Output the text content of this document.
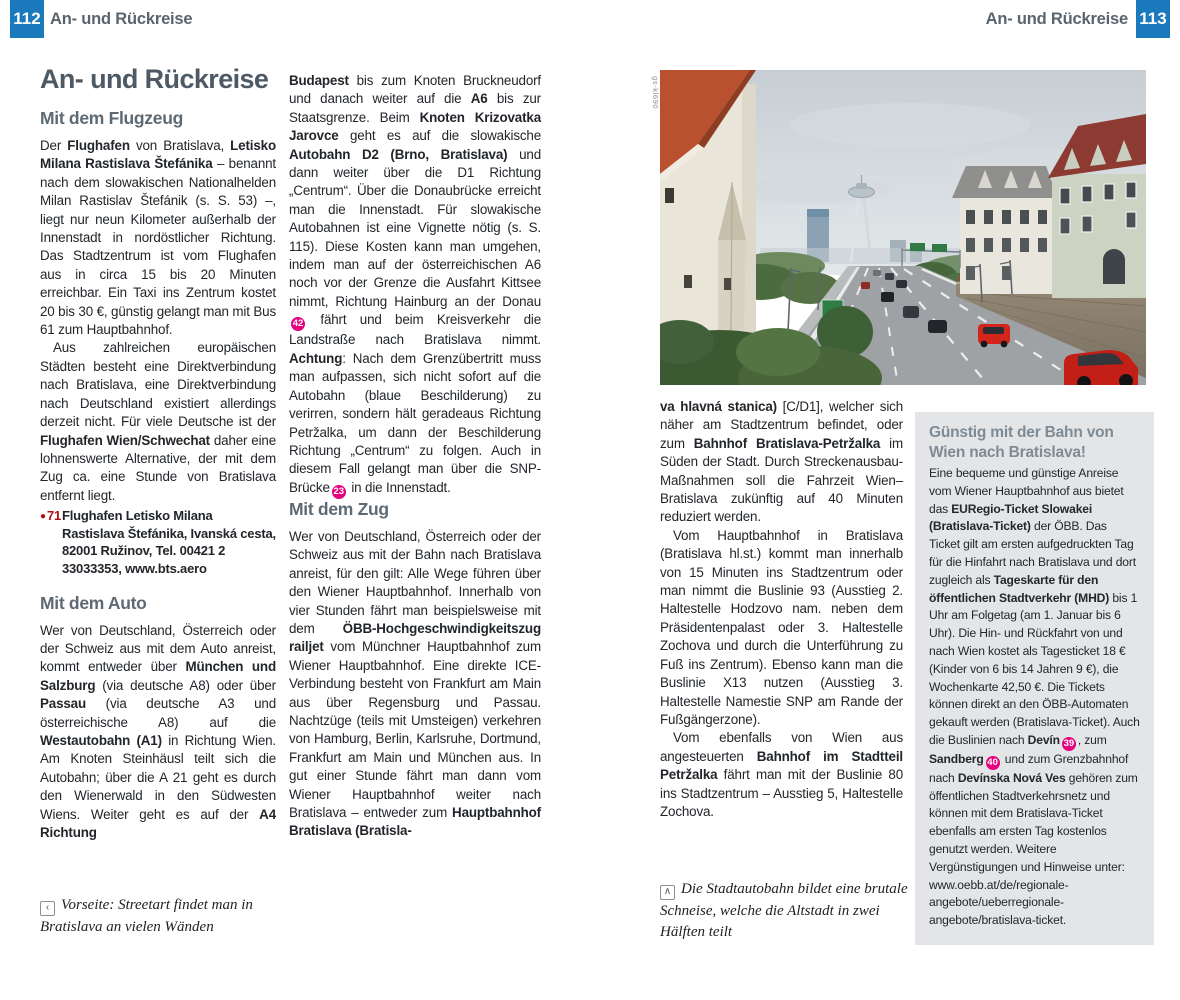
112 An- und Rückreise	An- und Rückreise 113
An- und Rückreise
Mit dem Flugzeug

Der Flughafen von Bratislava, Letisko Milana Rastislava Štefánika – benannt nach dem slowakischen Nationalhelden Milan Rastislav Štefánik (s. S. 53) –, liegt nur neun Kilometer außerhalb der Innenstadt in nordöstlicher Richtung. Das Stadtzentrum ist vom Flughafen aus in circa 15 bis 20 Minuten erreichbar. Ein Taxi ins Zentrum kostet 20 bis 30 €, günstig gelangt man mit Bus 61 zum Hauptbahnhof.

Aus zahlreichen europäischen Städten besteht eine Direktverbindung nach Bratislava, eine Direktverbindung nach Deutschland existiert allerdings derzeit nicht. Für viele Deutsche ist der Flughafen Wien/Schwechat daher eine lohnenswerte Alternative, der mit dem Zug ca. eine Stunde von Bratislava entfernt liegt.

● 71 Flughafen Letisko Milana Rastislava Štefánika, Ivanská cesta, 82001 Ružinov, Tel. 00421 2 33033353, www.bts.aero
Mit dem Auto

Wer von Deutschland, Österreich oder der Schweiz aus mit dem Auto anreist, kommt entweder über München und Salzburg (via deutsche A8) oder über Passau (via deutsche A3 und österreichische A8) auf die Westautobahn (A1) in Richtung Wien. Am Knoten Steinhäusl teilt sich die Autobahn; über die A 21 geht es durch den Wienerwald in den Südwesten Wiens. Weiter geht es auf der A4 Richtung

Budapest bis zum Knoten Bruckneudorf und danach weiter auf die A6 bis zur Staatsgrenze. Beim Knoten Krizovatka Jarovce geht es auf die slowakische Autobahn D2 (Brno, Bratislava) und dann weiter über die D1 Richtung „Centrum“. Über die Donaubrücke erreicht man die Innenstadt. Für slowakische Autobahnen ist eine Vignette nötig (s. S. 115). Diese Kosten kann man umgehen, indem man auf der österreichischen A6 noch vor der Grenze die Ausfahrt Kittsee nimmt, Richtung Hainburg an der Donau42 fährt und beim Kreisverkehr die Landstraße nach Bratislava nimmt. Achtung: Nach dem Grenzübertritt muss man aufpassen, sich nicht sofort auf die Autobahn (blaue Beschilderung) zu verirren, sondern hält geradeaus Richtung Petržalka, um dann der Beschilderung Richtung „Centrum“ zu folgen. Auch in diesem Fall gelangt man über die SNP-Brücke 23 in die Innenstadt.

Mit dem Zug

Wer von Deutschland, Österreich oder der Schweiz aus mit der Bahn nach Bratislava anreist, für den gilt: Alle Wege führen über den Wiener Hauptbahnhof. Innerhalb von vier Stunden fährt man beispielsweise mit dem ÖBB-Hochgeschwindigkeitszug railjet vom Münchner Hauptbahnhof zum Wiener Hauptbahnhof. Eine direkte ICE-Verbindung besteht von Frankfurt am Main aus über Regensburg und Passau. Nachtzüge (teils mit Umsteigen) verkehren von Hamburg, Berlin, Karlsruhe, Dortmund, Frankfurt am Main und München aus. In gut einer Stunde fährt man dann vom Wiener Hauptbahnhof weiter nach Bratislava – entweder zum Hauptbahnhof Bratislava (Bratisla-

‹ Vorseite: Streetart findet man in Bratislava an vielen Wänden
gs-kl690

va hlavná stanica) [C/D1], welcher sich näher am Stadtzentrum befindet, oder zum Bahnhof Bratislava-Petržalka im Süden der Stadt. Durch Streckenausbau-Maßnahmen soll die Fahrzeit Wien–Bratislava zukünftig auf 40 Minuten reduziert werden.

Vom Hauptbahnhof in Bratislava (Bratislava hl.st.) kommt man innerhalb von 15 Minuten ins Stadtzentrum oder man nimmt die Buslinie 93 (Ausstieg 2. Haltestelle Hodzovo nam. neben dem Präsidentenpalast oder 3. Haltestelle Zochova und durch die Unterführung zu Fuß ins Zentrum). Ebenso kann man die Buslinie X13 nutzen (Ausstieg 3. Haltestelle Namestie SNP am Rande der Fußgängerzone).

Vom ebenfalls von Wien aus angesteuerten Bahnhof im Stadtteil Petržalka fährt man mit der Buslinie 80 ins Stadtzentrum – Ausstieg 5, Haltestelle Zochova.

∧ Die Stadtautobahn bildet eine brutale Schneise, welche die Altstadt in zwei Hälften teilt

Günstig mit der Bahn von Wien nach Bratislava!

Eine bequeme und günstige Anreise vom Wiener Hauptbahnhof aus bietet das EURegio-Ticket Slowakei (Bratislava-Ticket) der ÖBB. Das Ticket gilt am ersten aufgedruckten Tag für die Hinfahrt nach Bratislava und dort zugleich als Tageskarte für den öffentlichen Stadtverkehr (MHD) bis 1 Uhr am Folgetag (am 1. Januar bis 6 Uhr). Die Hin- und Rückfahrt von und nach Wien kostet als Tagesticket 18 € (Kinder von 6 bis 14 Jahren 9 €), die Wochenkarte 42,50 €. Die Tickets können direkt an den ÖBB-Automaten gekauft werden (Bratislava-Ticket). Auch die Buslinien nach Devín 39 , zum Sandberg 40 und zum Grenzbahnhof nach Devínska Nová Ves gehören zum öffentlichen Stadtverkehrsnetz und können mit dem Bratislava-Ticket ebenfalls am ersten Tag kostenlos genutzt werden. Weitere Vergünstigungen und Hinweise unter: www.oebb.at/de/regionale-angebote/ueberregionale-angebote/bratislava-ticket.
